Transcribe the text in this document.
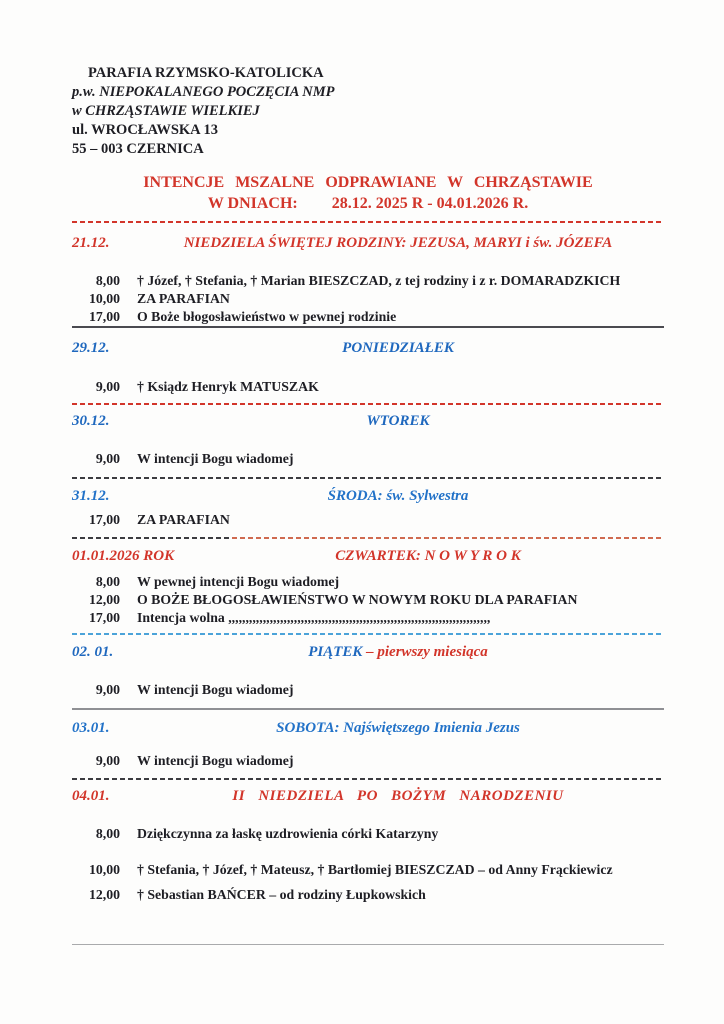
PARAFIA RZYMSKO-KATOLICKA
p.w. NIEPOKALANEGO POCZĘCIA NMP
w CHRZĄSTAWIE WIELKIEJ
ul. WROCŁAWSKA 13
55 – 003 CZERNICA
INTENCJE MSZALNE ODPRAWIANE W CHRZĄSTAWIE
W DNIACH: 28.12. 2025 R - 04.01.2026 R.
21.12.	NIEDZIELA ŚWIĘTEJ RODZINY: JEZUSA, MARYI i św. JÓZEFA
8,00 † Józef, † Stefania, † Marian BIESZCZAD, z tej rodziny i z r. DOMARADZKICH
10,00 ZA PARAFIAN
17,00 O Boże błogosławieństwo w pewnej rodzinie
29.12.	PONIEDZIAŁEK
9,00 † Ksiądz Henryk MATUSZAK
30.12.	WTOREK
9,00 W intencji Bogu wiadomej
31.12.	ŚRODA: św. Sylwestra
17,00 ZA PARAFIAN
01.01.2026 ROK	CZWARTEK: N O W Y R O K
8,00 W pewnej intencji Bogu wiadomej
12,00 O BOŻE BŁOGOSŁAWIEŃSTWO W NOWYM ROKU DLA PARAFIAN
17,00 Intencja wolna ,,,,,,,,,,,,,,,,,,,,,,,,,,,,,,,,,,,,,,,,,,,,,,,,,,,,,,,,,,,,,,,,,,,,,,,,,,,,
02. 01.	PIĄTEK – pierwszy miesiąca
9,00 W intencji Bogu wiadomej
03.01.	SOBOTA: Najświętszego Imienia Jezus
9,00 W intencji Bogu wiadomej
04.01.	II NIEDZIELA PO BOŻYM NARODZENIU
8,00 Dziękczynna za łaskę uzdrowienia córki Katarzyny
10,00 † Stefania, † Józef, † Mateusz, † Bartłomiej BIESZCZAD – od Anny Frąckiewicz
12,00 † Sebastian BAŃCER – od rodziny Łupkowskich
